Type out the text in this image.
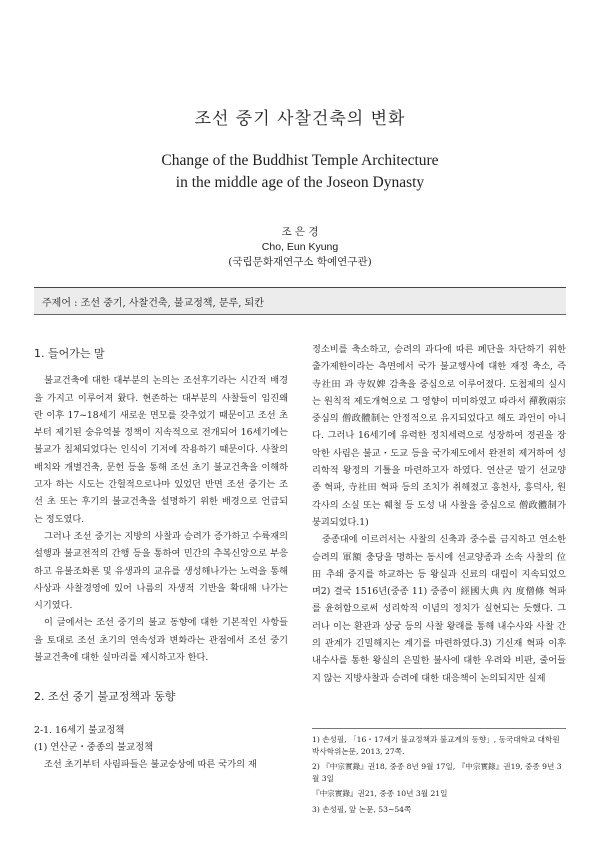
조선 중기 사찰건축의 변화
Change of the Buddhist Temple Architecture
in the middle age of the Joseon Dynasty
조 은 경
Cho, Eun Kyung
(국립문화재연구소 학예연구관)
주제어 : 조선 중기, 사찰건축, 불교정책, 문루, 퇴칸
1. 들어가는 말

불교건축에 대한 대부분의 논의는 조선후기라는 시간적 배경을 가지고 이루어져 왔다. 현존하는 대부분의 사찰들이 임진왜란 이후 17~18세기 새로운 면모를 갖추었기 때문이고 조선 초부터 제기된 숭유억불 정책이 지속적으로 전개되어 16세기에는 불교가 침체되었다는 인식이 기저에 작용하기 때문이다. 사찰의 배치와 개별건축, 문헌 등을 통해 조선 초기 불교건축을 이해하고자 하는 시도는 간헐적으로나마 있었던 반면 조선 중기는 조선 초 또는 후기의 불교건축을 설명하기 위한 배경으로 언급되는 정도였다.

그러나 조선 중기는 지방의 사찰과 승려가 증가하고 수륙재의 설행과 불교전적의 간행 등을 통하여 민간의 추복신앙으로 부응하고 유불조화론 및 유생과의 교유를 생성해나가는 노력을 통해 사상과 사찰경영에 있어 나름의 자생적 기반을 확대해 나가는 시기였다.

이 글에서는 조선 중기의 불교 동향에 대한 기본적인 사항들을 토대로 조선 초기의 연속성과 변화라는 관점에서 조선 중기 불교건축에 대한 실마리를 제시하고자 한다.

2. 조선 중기 불교정책과 동향
2-1. 16세기 불교정책
(1) 연산군・중종의 불교정책

조선 초기부터 사림파들은 불교숭상에 따른 국가의 재

정소비를 축소하고, 승려의 과다에 따른 폐단을 차단하기 위한 출가제한이라는 측면에서 국가 불교행사에 대한 재정 축소, 즉 寺社田 과 寺奴婢 감축을 중심으로 이루어졌다. 도첩제의 실시는 원칙적 제도개혁으로 그 영향이 미미하였고 따라서 禪敎兩宗 중심의 僧政體制는 안정적으로 유지되었다고 해도 과언이 아니다. 그러나 16세기에 유력한 정치세력으로 성장하여 정권을 장악한 사림은 불교・도교 등을 국가제도에서 완전히 제거하여 성리학적 왕정의 기틀을 마련하고자 하였다. 연산군 말기 선교양종 혁파, 寺社田 혁파 등의 조치가 취해졌고 흥천사, 흥덕사, 원각사의 소실 또는 훼철 등 도성 내 사찰을 중심으로 僧政體制가 붕괴되었다.1)

중종대에 이르러서는 사찰의 신축과 중수를 금지하고 연소한 승려의 軍額 충당을 명하는 동시에 선교양종과 소속 사찰의 位田 추쇄 중지를 하교하는 등 왕실과 신료의 대립이 지속되었으며2) 결국 1516년(중종 11) 중종이 經國大典 內 度僧條 혁파를 윤허함으로써 성리학적 이념의 정치가 실현되는 듯했다. 그러나 이는 환관과 상궁 등의 사찰 왕래를 통해 내수사와 사찰 간의 관계가 긴밀해지는 계기를 마련하였다.3) 기신재 혁파 이후 내수사를 통한 왕실의 은밀한 불사에 대한 우려와 비판, 줄어들지 않는 지방사찰과 승려에 대한 대응책이 논의되지만 실제

1) 손성필, 「16・17세기 불교정책과 불교계의 동향」, 동국대학교 대학원 박사학위논문, 2013, 27쪽.
2) 『中宗實錄』권18, 중종 8년 9월 17일, 『中宗實錄』권19, 중종 9년 3월 3일
『中宗實錄』권21, 중종 10년 3월 21일
3) 손성필, 앞 논문, 53~54쪽
